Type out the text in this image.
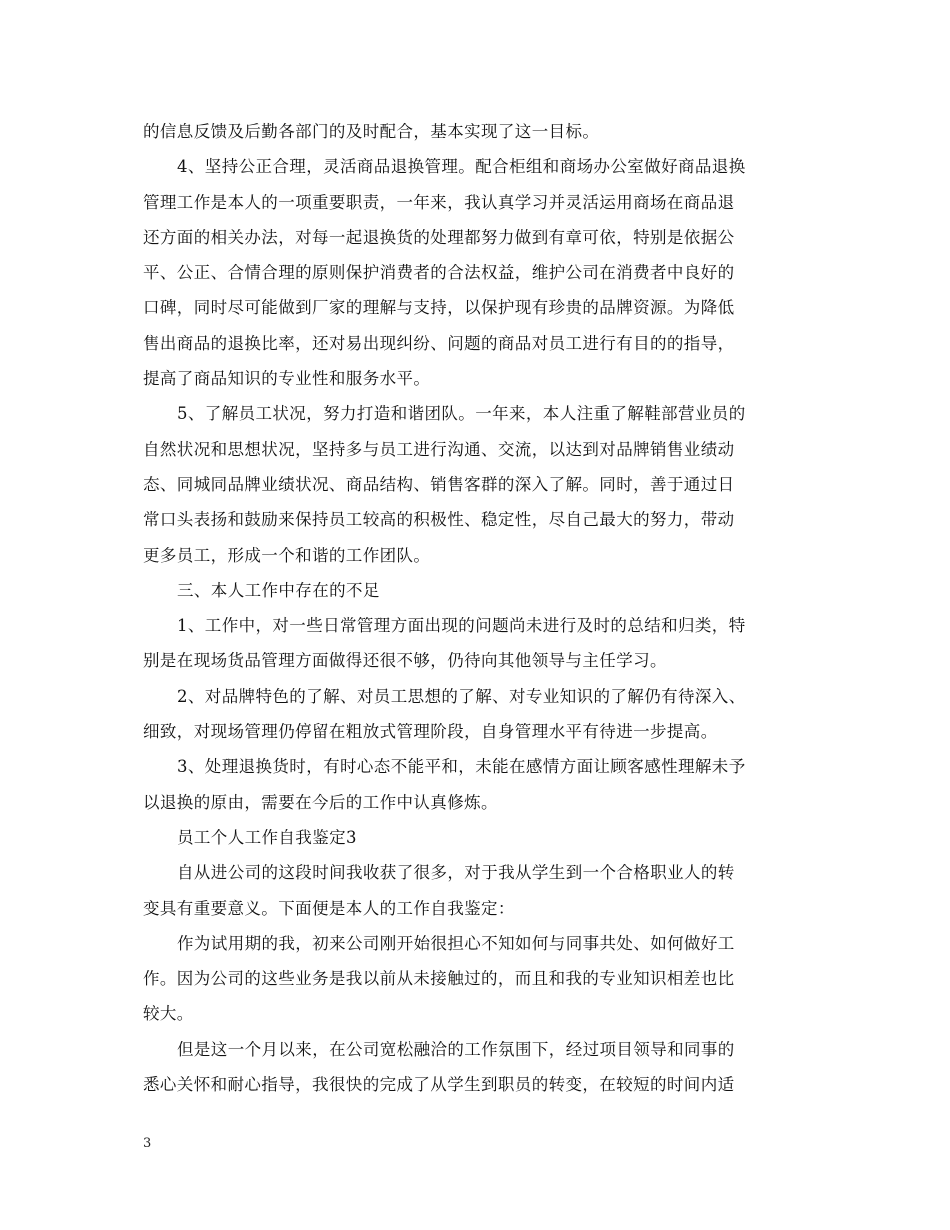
的信息反馈及后勤各部门的及时配合，基本实现了这一目标。
4、坚持公正合理，灵活商品退换管理。配合柜组和商场办公室做好商品退换
管理工作是本人的一项重要职责，一年来，我认真学习并灵活运用商场在商品退
还方面的相关办法，对每一起退换货的处理都努力做到有章可依，特别是依据公
平、公正、合情合理的原则保护消费者的合法权益，维护公司在消费者中良好的
口碑，同时尽可能做到厂家的理解与支持，以保护现有珍贵的品牌资源。为降低
售出商品的退换比率，还对易出现纠纷、问题的商品对员工进行有目的的指导，
提高了商品知识的专业性和服务水平。
5、了解员工状况，努力打造和谐团队。一年来，本人注重了解鞋部营业员的
自然状况和思想状况，坚持多与员工进行沟通、交流，以达到对品牌销售业绩动
态、同城同品牌业绩状况、商品结构、销售客群的深入了解。同时，善于通过日
常口头表扬和鼓励来保持员工较高的积极性、稳定性，尽自己最大的努力，带动
更多员工，形成一个和谐的工作团队。
三、本人工作中存在的不足
1、工作中，对一些日常管理方面出现的问题尚未进行及时的总结和归类，特
别是在现场货品管理方面做得还很不够，仍待向其他领导与主任学习。
2、对品牌特色的了解、对员工思想的了解、对专业知识的了解仍有待深入、
细致，对现场管理仍停留在粗放式管理阶段，自身管理水平有待进一步提高。
3、处理退换货时，有时心态不能平和，未能在感情方面让顾客感性理解未予
以退换的原由，需要在今后的工作中认真修炼。
员工个人工作自我鉴定3
自从进公司的这段时间我收获了很多，对于我从学生到一个合格职业人的转
变具有重要意义。下面便是本人的工作自我鉴定：
作为试用期的我，初来公司刚开始很担心不知如何与同事共处、如何做好工
作。因为公司的这些业务是我以前从未接触过的，而且和我的专业知识相差也比
较大。
但是这一个月以来，在公司宽松融洽的工作氛围下，经过项目领导和同事的
悉心关怀和耐心指导，我很快的完成了从学生到职员的转变，在较短的时间内适
3
